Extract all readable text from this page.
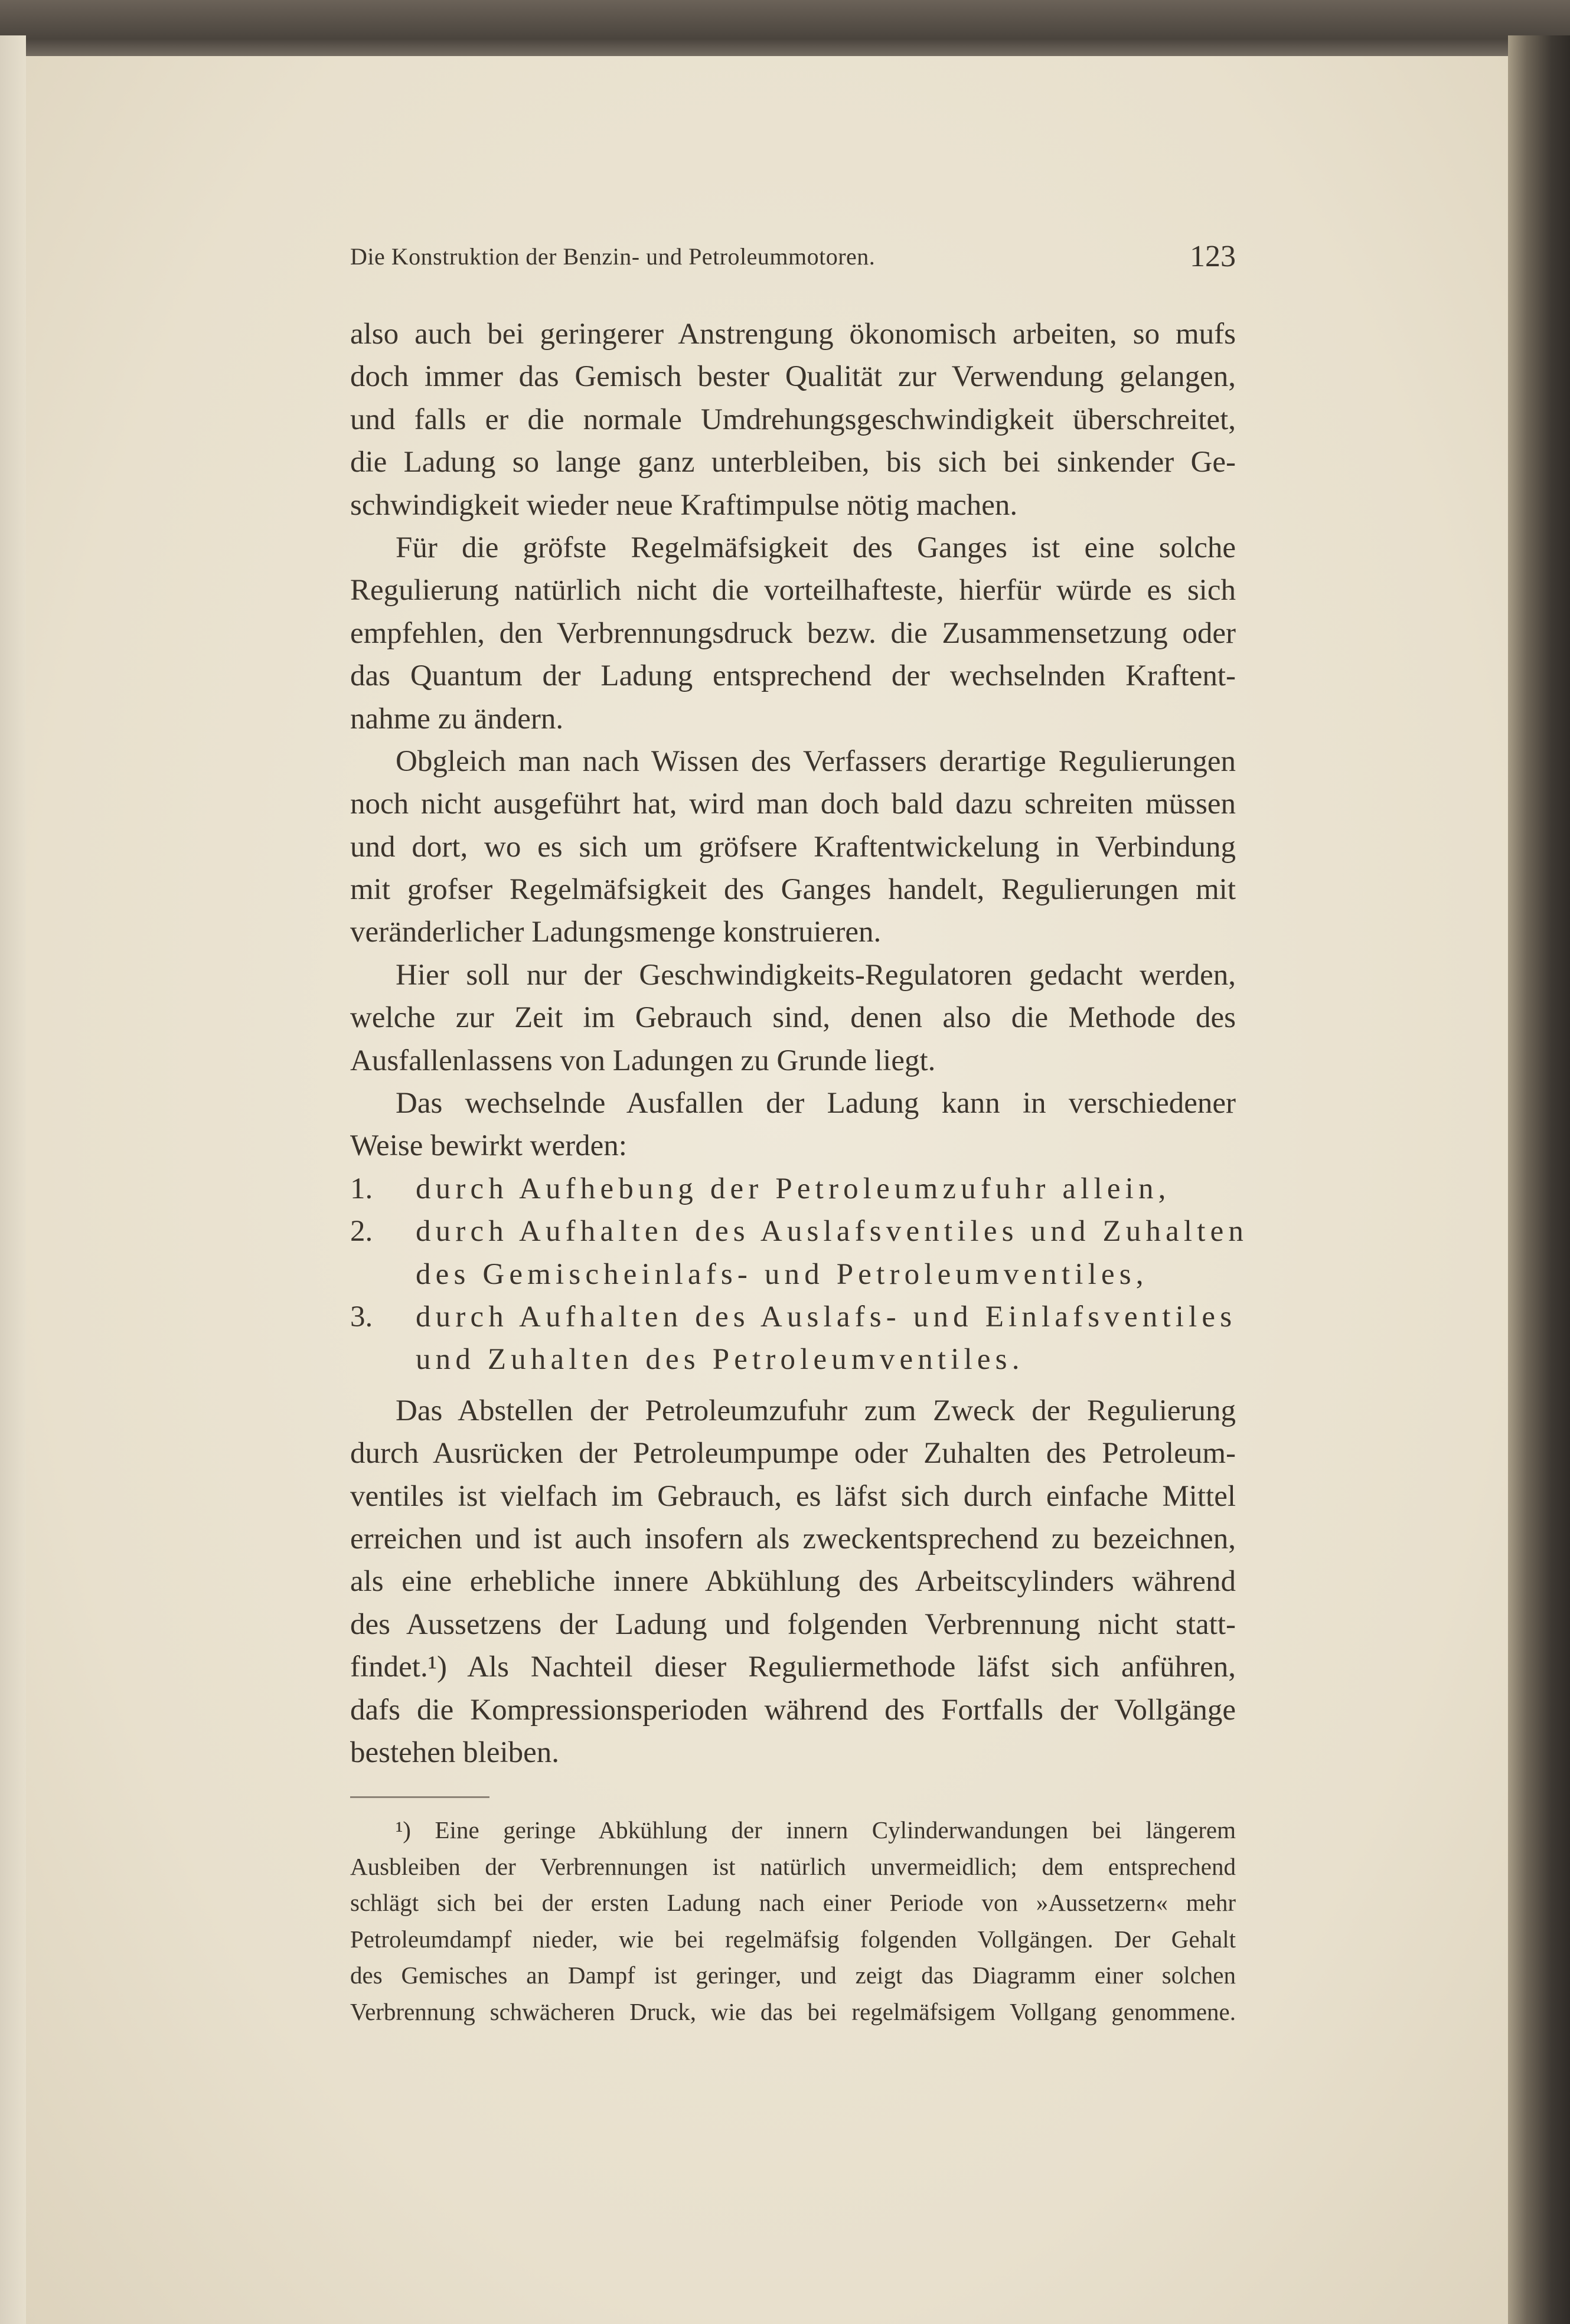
Die Konstruktion der Benzin- und Petroleummotoren.	123
also auch bei geringerer Anstrengung ökonomisch arbeiten, so mufs
doch immer das Gemisch bester Qualität zur Verwendung gelangen,
und falls er die normale Umdrehungsgeschwindigkeit überschreitet,
die Ladung so lange ganz unterbleiben, bis sich bei sinkender Ge-
schwindigkeit wieder neue Kraftimpulse nötig machen.
Für die gröfste Regelmäfsigkeit des Ganges ist eine solche
Regulierung natürlich nicht die vorteilhafteste, hierfür würde es sich
empfehlen, den Verbrennungsdruck bezw. die Zusammensetzung oder
das Quantum der Ladung entsprechend der wechselnden Kraftent-
nahme zu ändern.
Obgleich man nach Wissen des Verfassers derartige Regulierungen
noch nicht ausgeführt hat, wird man doch bald dazu schreiten müssen
und dort, wo es sich um gröfsere Kraftentwickelung in Verbindung
mit grofser Regelmäfsigkeit des Ganges handelt, Regulierungen mit
veränderlicher Ladungsmenge konstruieren.
Hier soll nur der Geschwindigkeits-Regulatoren gedacht werden,
welche zur Zeit im Gebrauch sind, denen also die Methode des
Ausfallenlassens von Ladungen zu Grunde liegt.
Das wechselnde Ausfallen der Ladung kann in verschiedener
Weise bewirkt werden:
1. durch Aufhebung der Petroleumzufuhr allein,
2. durch Aufhalten des Auslafsventiles und Zuhalten
des Gemischeinlafs- und Petroleumventiles,
3. durch Aufhalten des Auslafs- und Einlafsventiles
und Zuhalten des Petroleumventiles.
Das Abstellen der Petroleumzufuhr zum Zweck der Regulierung
durch Ausrücken der Petroleumpumpe oder Zuhalten des Petroleum-
ventiles ist vielfach im Gebrauch, es läfst sich durch einfache Mittel
erreichen und ist auch insofern als zweckentsprechend zu bezeichnen,
als eine erhebliche innere Abkühlung des Arbeitscylinders während
des Aussetzens der Ladung und folgenden Verbrennung nicht statt-
findet.¹) Als Nachteil dieser Reguliermethode läfst sich anführen,
dafs die Kompressionsperioden während des Fortfalls der Vollgänge
bestehen bleiben.
¹) Eine geringe Abkühlung der innern Cylinderwandungen bei längerem
Ausbleiben der Verbrennungen ist natürlich unvermeidlich; dem entsprechend
schlägt sich bei der ersten Ladung nach einer Periode von »Aussetzern« mehr
Petroleumdampf nieder, wie bei regelmäfsig folgenden Vollgängen. Der Gehalt
des Gemisches an Dampf ist geringer, und zeigt das Diagramm einer solchen
Verbrennung schwächeren Druck, wie das bei regelmäfsigem Vollgang genommene.
